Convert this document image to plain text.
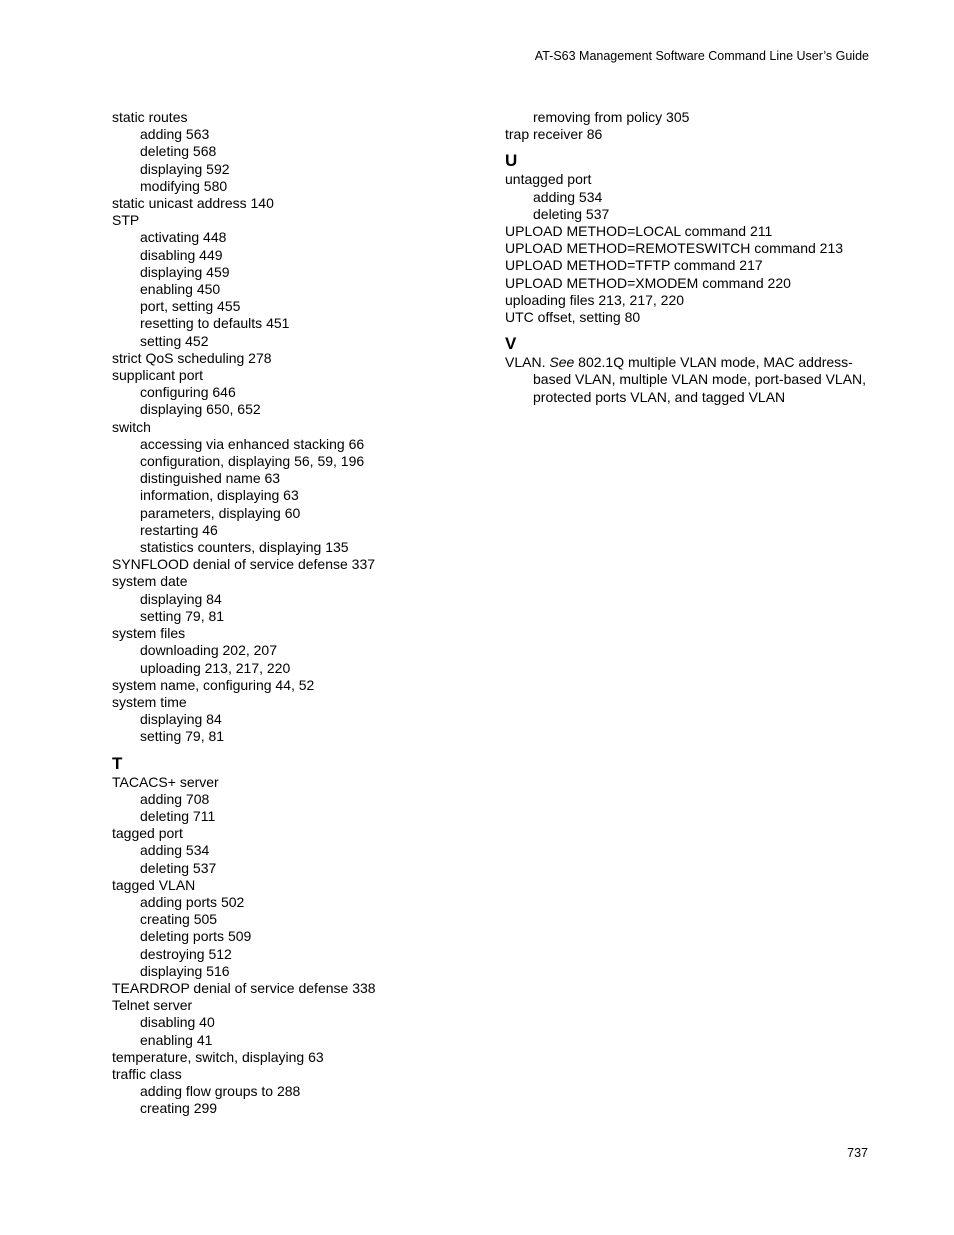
AT-S63 Management Software Command Line User’s Guide
static routes
adding 563
deleting 568
displaying 592
modifying 580
static unicast address 140
STP
activating 448
disabling 449
displaying 459
enabling 450
port, setting 455
resetting to defaults 451
setting 452
strict QoS scheduling 278
supplicant port
configuring 646
displaying 650, 652
switch
accessing via enhanced stacking 66
configuration, displaying 56, 59, 196
distinguished name 63
information, displaying 63
parameters, displaying 60
restarting 46
statistics counters, displaying 135
SYNFLOOD denial of service defense 337
system date
displaying 84
setting 79, 81
system files
downloading 202, 207
uploading 213, 217, 220
system name, configuring 44, 52
system time
displaying 84
setting 79, 81
T
TACACS+ server
adding 708
deleting 711
tagged port
adding 534
deleting 537
tagged VLAN
adding ports 502
creating 505
deleting ports 509
destroying 512
displaying 516
TEARDROP denial of service defense 338
Telnet server
disabling 40
enabling 41
temperature, switch, displaying 63
traffic class
adding flow groups to 288
creating 299
removing from policy 305
trap receiver 86
U
untagged port
adding 534
deleting 537
UPLOAD METHOD=LOCAL command 211
UPLOAD METHOD=REMOTESWITCH command 213
UPLOAD METHOD=TFTP command 217
UPLOAD METHOD=XMODEM command 220
uploading files 213, 217, 220
UTC offset, setting 80
V
VLAN. See 802.1Q multiple VLAN mode, MAC address-based VLAN, multiple VLAN mode, port-based VLAN, protected ports VLAN, and tagged VLAN
737
